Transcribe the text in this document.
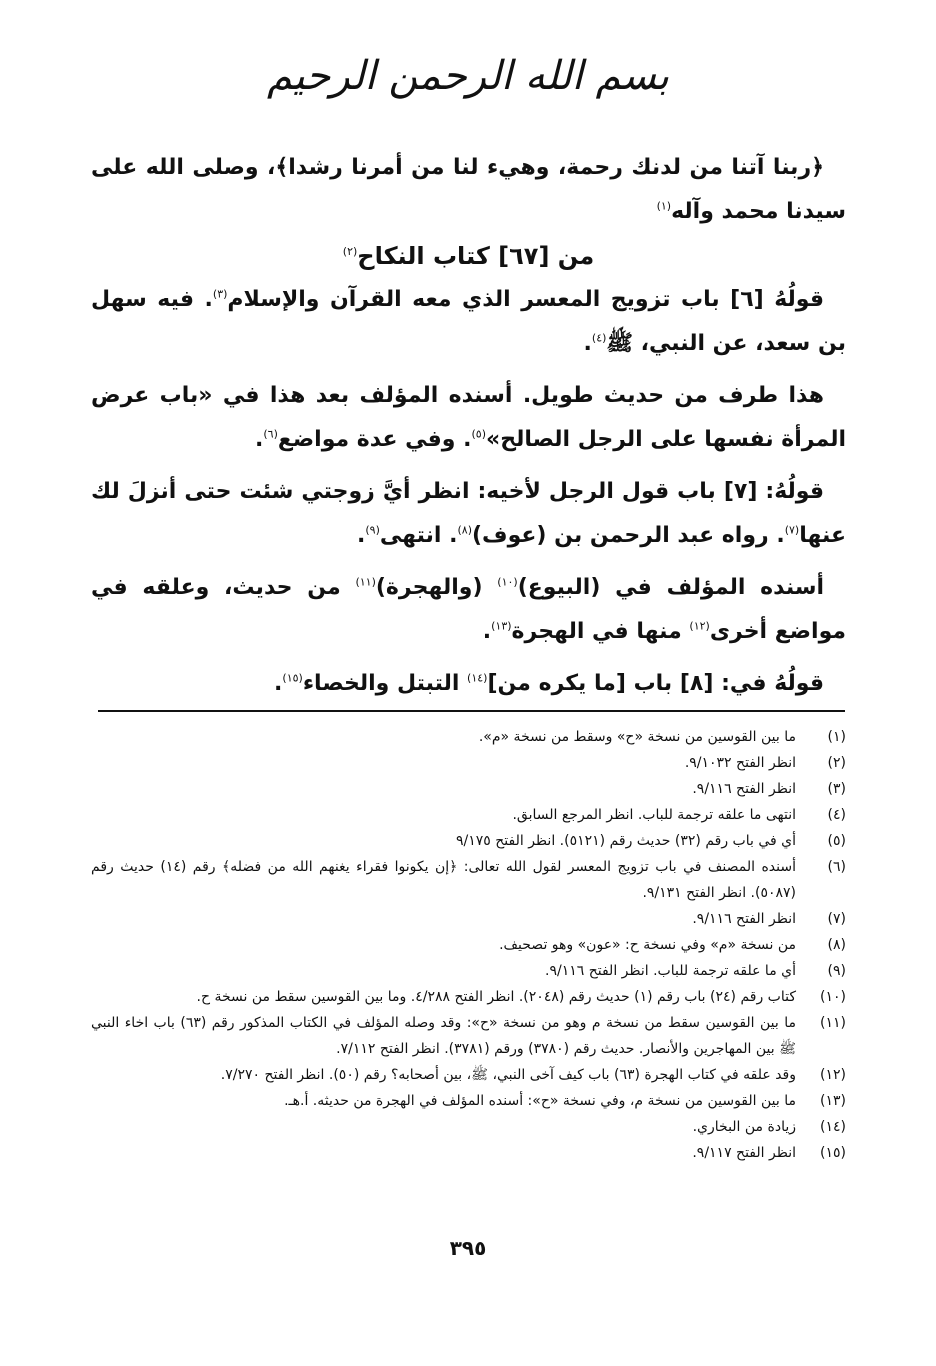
بسم الله الرحمن الرحيم

﴿ربنا آتنا من لدنك رحمة، وهيء لنا من أمرنا رشدا﴾، وصلى الله على سيدنا محمد وآله$^{(١)}$

من [٦٧] كتاب النكاح$^{(٢)}$

قولُهُ [٦] باب تزويج المعسر الذي معه القرآن والإسلام$^{(٣)}$. فيه سهل بن سعد، عن النبي، ﷺ$^{(٤)}$.

هذا طرف من حديث طويل. أسنده المؤلف بعد هذا في «باب عرض المرأة نفسها على الرجل الصالح»$^{(٥)}$. وفي عدة مواضع$^{(٦)}$.

قولُهُ: [٧] باب قول الرجل لأخيه: انظر أيَّ زوجتي شئت حتى أنزلَ لك عنها$^{(٧)}$. رواه عبد الرحمن بن (عوف)$^{(٨)}$. انتهى$^{(٩)}$.

أسنده المؤلف في (البيوع)$^{(١٠)}$ (والهجرة)$^{(١١)}$ من حديث، وعلقه في مواضع أخرى$^{(١٢)}$ منها في الهجرة$^{(١٣)}$.

قولُهُ في: [٨] باب [ما يكره من]$^{(١٤)}$ التبتل والخصاء$^{(١٥)}$.

(١)
ما بين القوسين من نسخة «ح» وسقط من نسخة «م».
(٢)
انظر الفتح ٩/١٠٣٢.
(٣)
انظر الفتح ٩/١١٦.
(٤)
انتهى ما علقه ترجمة للباب. انظر المرجع السابق.
(٥)
أي في باب رقم (٣٢) حديث رقم (٥١٢١). انظر الفتح ٩/١٧٥
(٦)
أسنده المصنف في باب تزويج المعسر لقول الله تعالى: ﴿إن يكونوا فقراء يغنهم الله من فضله﴾ رقم (١٤) حديث رقم (٥٠٨٧). انظر الفتح ٩/١٣١.
(٧)
انظر الفتح ٩/١١٦.
(٨)
من نسخة «م» وفي نسخة ح: «عون» وهو تصحيف.
(٩)
أي ما علقه ترجمة للباب. انظر الفتح ٩/١١٦.
(١٠)
كتاب رقم (٢٤) باب رقم (١) حديث رقم (٢٠٤٨). انظر الفتح ٤/٢٨٨. وما بين القوسين سقط من نسخة ح.
(١١)
ما بين القوسين سقط من نسخة م وهو من نسخة «ح»: وقد وصله المؤلف في الكتاب المذكور رقم (٦٣) باب اخاء النبي ﷺ بين المهاجرين والأنصار. حديث رقم (٣٧٨٠) ورقم (٣٧٨١). انظر الفتح ٧/١١٢.
(١٢)
وقد علقه في كتاب الهجرة (٦٣) باب كيف آخى النبي، ﷺ، بين أصحابه؟ رقم (٥٠). انظر الفتح ٧/٢٧٠.
(١٣)
ما بين القوسين من نسخة م، وفي نسخة «ح»: أسنده المؤلف في الهجرة من حديثه. أ.هـ.
(١٤)
زيادة من البخاري.
(١٥)
انظر الفتح ٩/١١٧.
٣٩٥
